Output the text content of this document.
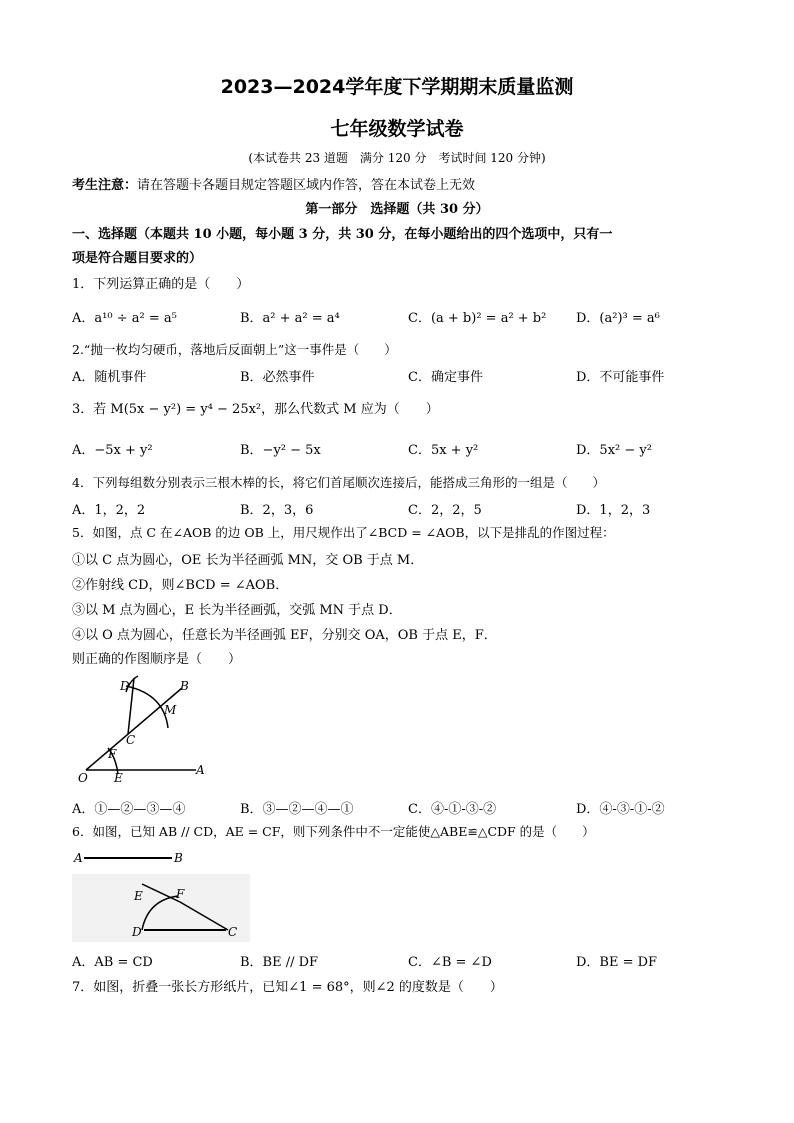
2023—2024学年度下学期期末质量监测
七年级数学试卷
(本试卷共 23 道题　满分 120 分　考试时间 120 分钟)
考生注意：请在答题卡各题目规定答题区域内作答，答在本试卷上无效
第一部分　选择题（共 30 分）
一、选择题（本题共 10 小题，每小题 3 分，共 30 分，在每小题给出的四个选项中，只有一
项是符合题目要求的）
1．下列运算正确的是（　　）
A．a¹⁰ ÷ a² = a⁵	B．a² + a² = a⁴	C．(a + b)² = a² + b² D．(a²)³ = a⁶
2.“抛一枚均匀硬币，落地后反面朝上”这一事件是（　　）
A．随机事件	B．必然事件	C．确定事件	D．不可能事件
3．若 M(5x − y²) = y⁴ − 25x²，那么代数式 M 应为（　　）
A．−5x + y²	B．−y² − 5x	C．5x + y²	D．5x² − y²
4．下列每组数分别表示三根木棒的长，将它们首尾顺次连接后，能搭成三角形的一组是（　　）
A．1，2，2	B．2，3，6	C．2，2，5	D．1，2，3
5．如图，点 C 在∠AOB 的边 OB 上，用尺规作出了∠BCD = ∠AOB，以下是排乱的作图过程：
①以 C 点为圆心，OE 长为半径画弧 MN，交 OB 于点 M．
②作射线 CD，则∠BCD = ∠AOB．
③以 M 点为圆心，E 长为半径画弧，交弧 MN 于点 D．
④以 O 点为圆心，任意长为半径画弧 EF，分别交 OA，OB 于点 E，F．
则正确的作图顺序是（　　）
D	B
M
C
F
O E
A
A．①—②—③—④	B．③—②—④—①	C．④-①-③-②	D．④-③-①-②
6．如图，已知 AB // CD，AE = CF，则下列条件中不一定能使△ABE≌△CDF 的是（　　）
A	B
E	F
D	C
A．AB = CD	B．BE // DF	C．∠B = ∠D	D．BE = DF
7．如图，折叠一张长方形纸片，已知∠1 = 68°，则∠2 的度数是（　　）
